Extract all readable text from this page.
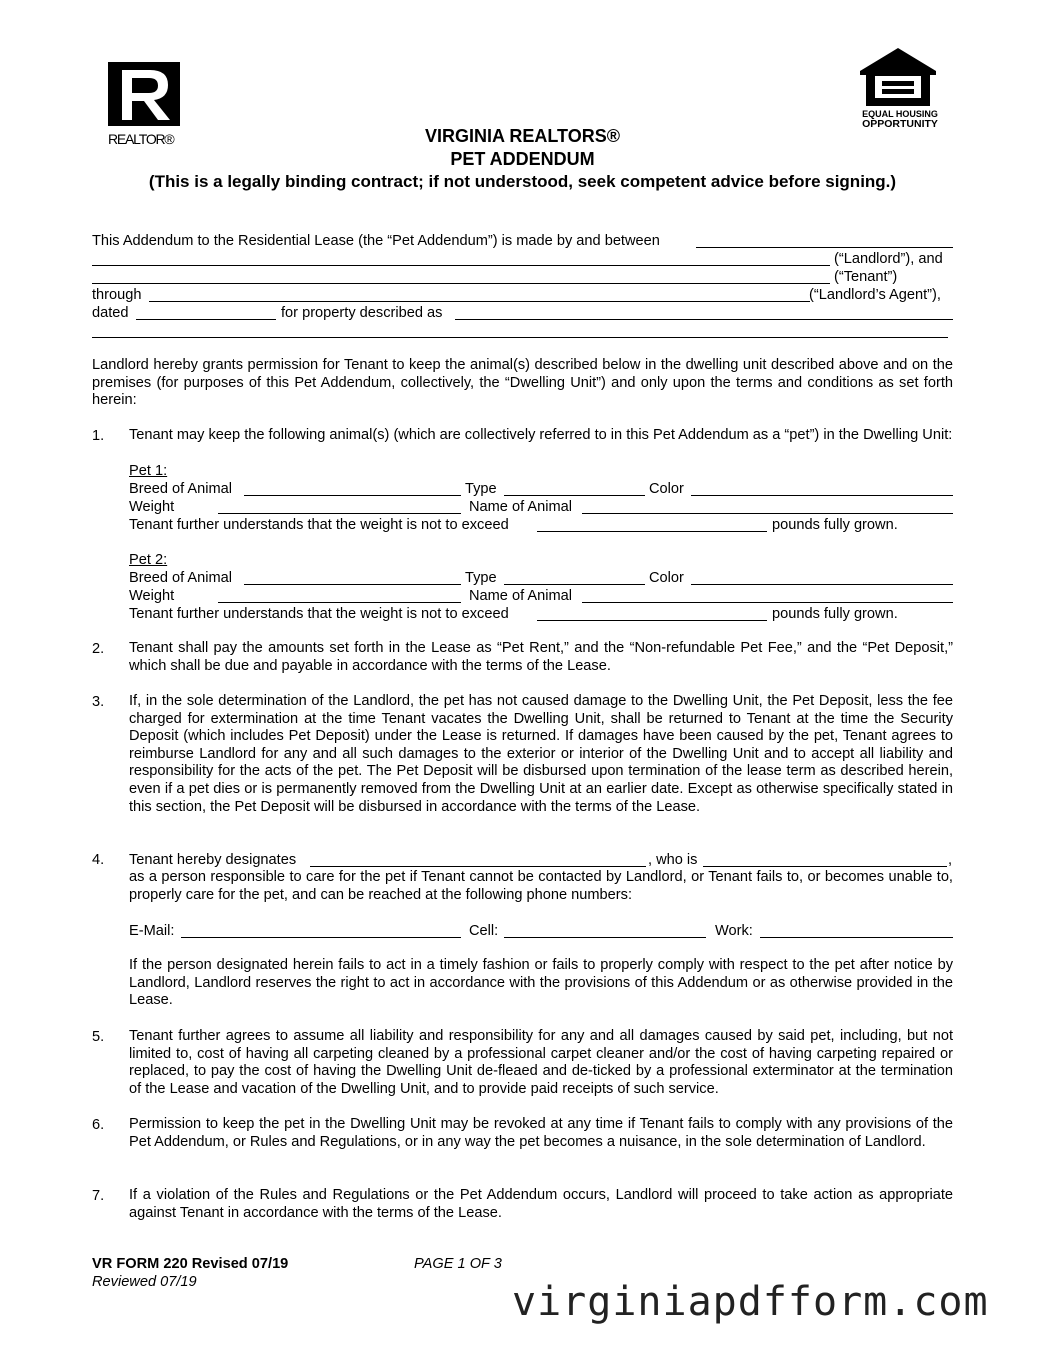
REALTOR®
EQUAL HOUSING
OPPORTUNITY
VIRGINIA REALTORS®
PET ADDENDUM
(This is a legally binding contract; if not understood, seek competent advice before signing.)
This Addendum to the Residential Lease (the “Pet Addendum”) is made by and between
(“Landlord”), and
(“Tenant”)
through	(“Landlord’s Agent”),
dated	for property described as
Landlord hereby grants permission for Tenant to keep the animal(s) described below in the dwelling unit described above and on the premises (for purposes of this Pet Addendum, collectively, the “Dwelling Unit”) and only upon the terms and conditions as set forth herein:
1. Tenant may keep the following animal(s) (which are collectively referred to in this Pet Addendum as a “pet”) in the Dwelling Unit:
Pet 1:
Breed of Animal	Type	Color
Weight	Name of Animal
Tenant further understands that the weight is not to exceed	pounds fully grown.
Pet 2:
Breed of Animal	Type	Color
Weight	Name of Animal
Tenant further understands that the weight is not to exceed	pounds fully grown.
2. Tenant shall pay the amounts set forth in the Lease as “Pet Rent,” and the “Non-refundable Pet Fee,” and the “Pet Deposit,” which shall be due and payable in accordance with the terms of the Lease.
3. If, in the sole determination of the Landlord, the pet has not caused damage to the Dwelling Unit, the Pet Deposit, less the fee charged for extermination at the time Tenant vacates the Dwelling Unit, shall be returned to Tenant at the time the Security Deposit (which includes Pet Deposit) under the Lease is returned. If damages have been caused by the pet, Tenant agrees to reimburse Landlord for any and all such damages to the exterior or interior of the Dwelling Unit and to accept all liability and responsibility for the acts of the pet. The Pet Deposit will be disbursed upon termination of the lease term as described herein, even if a pet dies or is permanently removed from the Dwelling Unit at an earlier date. Except as otherwise specifically stated in this section, the Pet Deposit will be disbursed in accordance with the terms of the Lease.
4. Tenant hereby designates	, who is	,
as a person responsible to care for the pet if Tenant cannot be contacted by Landlord, or Tenant fails to, or becomes unable to, properly care for the pet, and can be reached at the following phone numbers:
E-Mail:	Cell:	Work:
If the person designated herein fails to act in a timely fashion or fails to properly comply with respect to the pet after notice by Landlord, Landlord reserves the right to act in accordance with the provisions of this Addendum or as otherwise provided in the Lease.
5. Tenant further agrees to assume all liability and responsibility for any and all damages caused by said pet, including, but not limited to, cost of having all carpeting cleaned by a professional carpet cleaner and/or the cost of having carpeting repaired or replaced, to pay the cost of having the Dwelling Unit de-fleaed and de-ticked by a professional exterminator at the termination of the Lease and vacation of the Dwelling Unit, and to provide paid receipts of such service.
6. Permission to keep the pet in the Dwelling Unit may be revoked at any time if Tenant fails to comply with any provisions of the Pet Addendum, or Rules and Regulations, or in any way the pet becomes a nuisance, in the sole determination of Landlord.
7. If a violation of the Rules and Regulations or the Pet Addendum occurs, Landlord will proceed to take action as appropriate against Tenant in accordance with the terms of the Lease.
VR FORM 220 Revised 07/19
Reviewed 07/19
PAGE 1 OF 3
virginiapdfform.com
